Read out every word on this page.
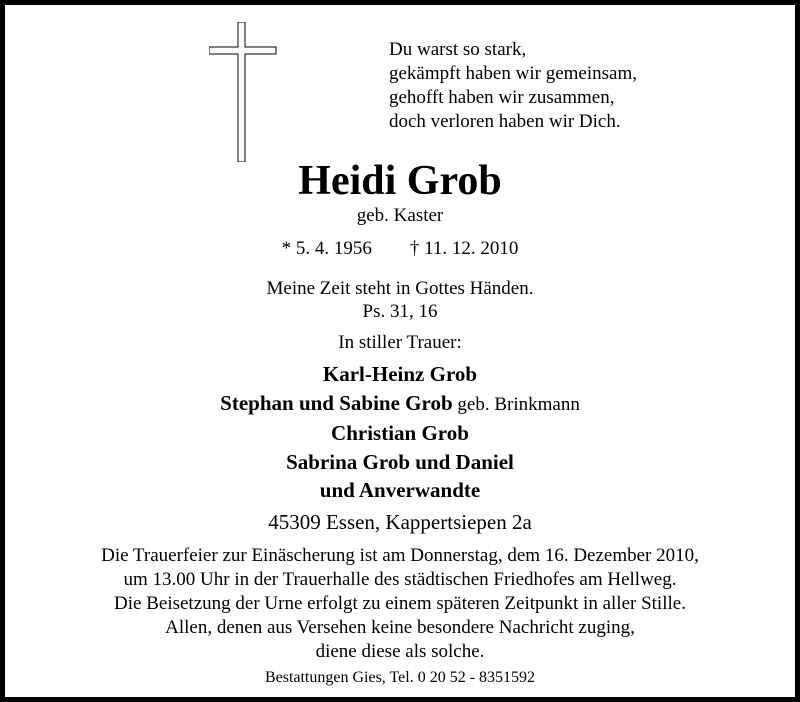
Du warst so stark,
gekämpft haben wir gemeinsam,
gehofft haben wir zusammen,
doch verloren haben wir Dich.
Heidi Grob
geb. Kaster
* 5. 4. 1956 † 11. 12. 2010
Meine Zeit steht in Gottes Händen.
Ps. 31, 16
In stiller Trauer:
Karl-Heinz Grob
Stephan und Sabine Grob geb. Brinkmann
Christian Grob
Sabrina Grob und Daniel
und Anverwandte
45309 Essen, Kappertsiepen 2a
Die Trauerfeier zur Einäscherung ist am Donnerstag, dem 16. Dezember 2010,
um 13.00 Uhr in der Trauerhalle des städtischen Friedhofes am Hellweg.
Die Beisetzung der Urne erfolgt zu einem späteren Zeitpunkt in aller Stille.
Allen, denen aus Versehen keine besondere Nachricht zuging,
diene diese als solche.
Bestattungen Gies, Tel. 0 20 52 - 8351592
